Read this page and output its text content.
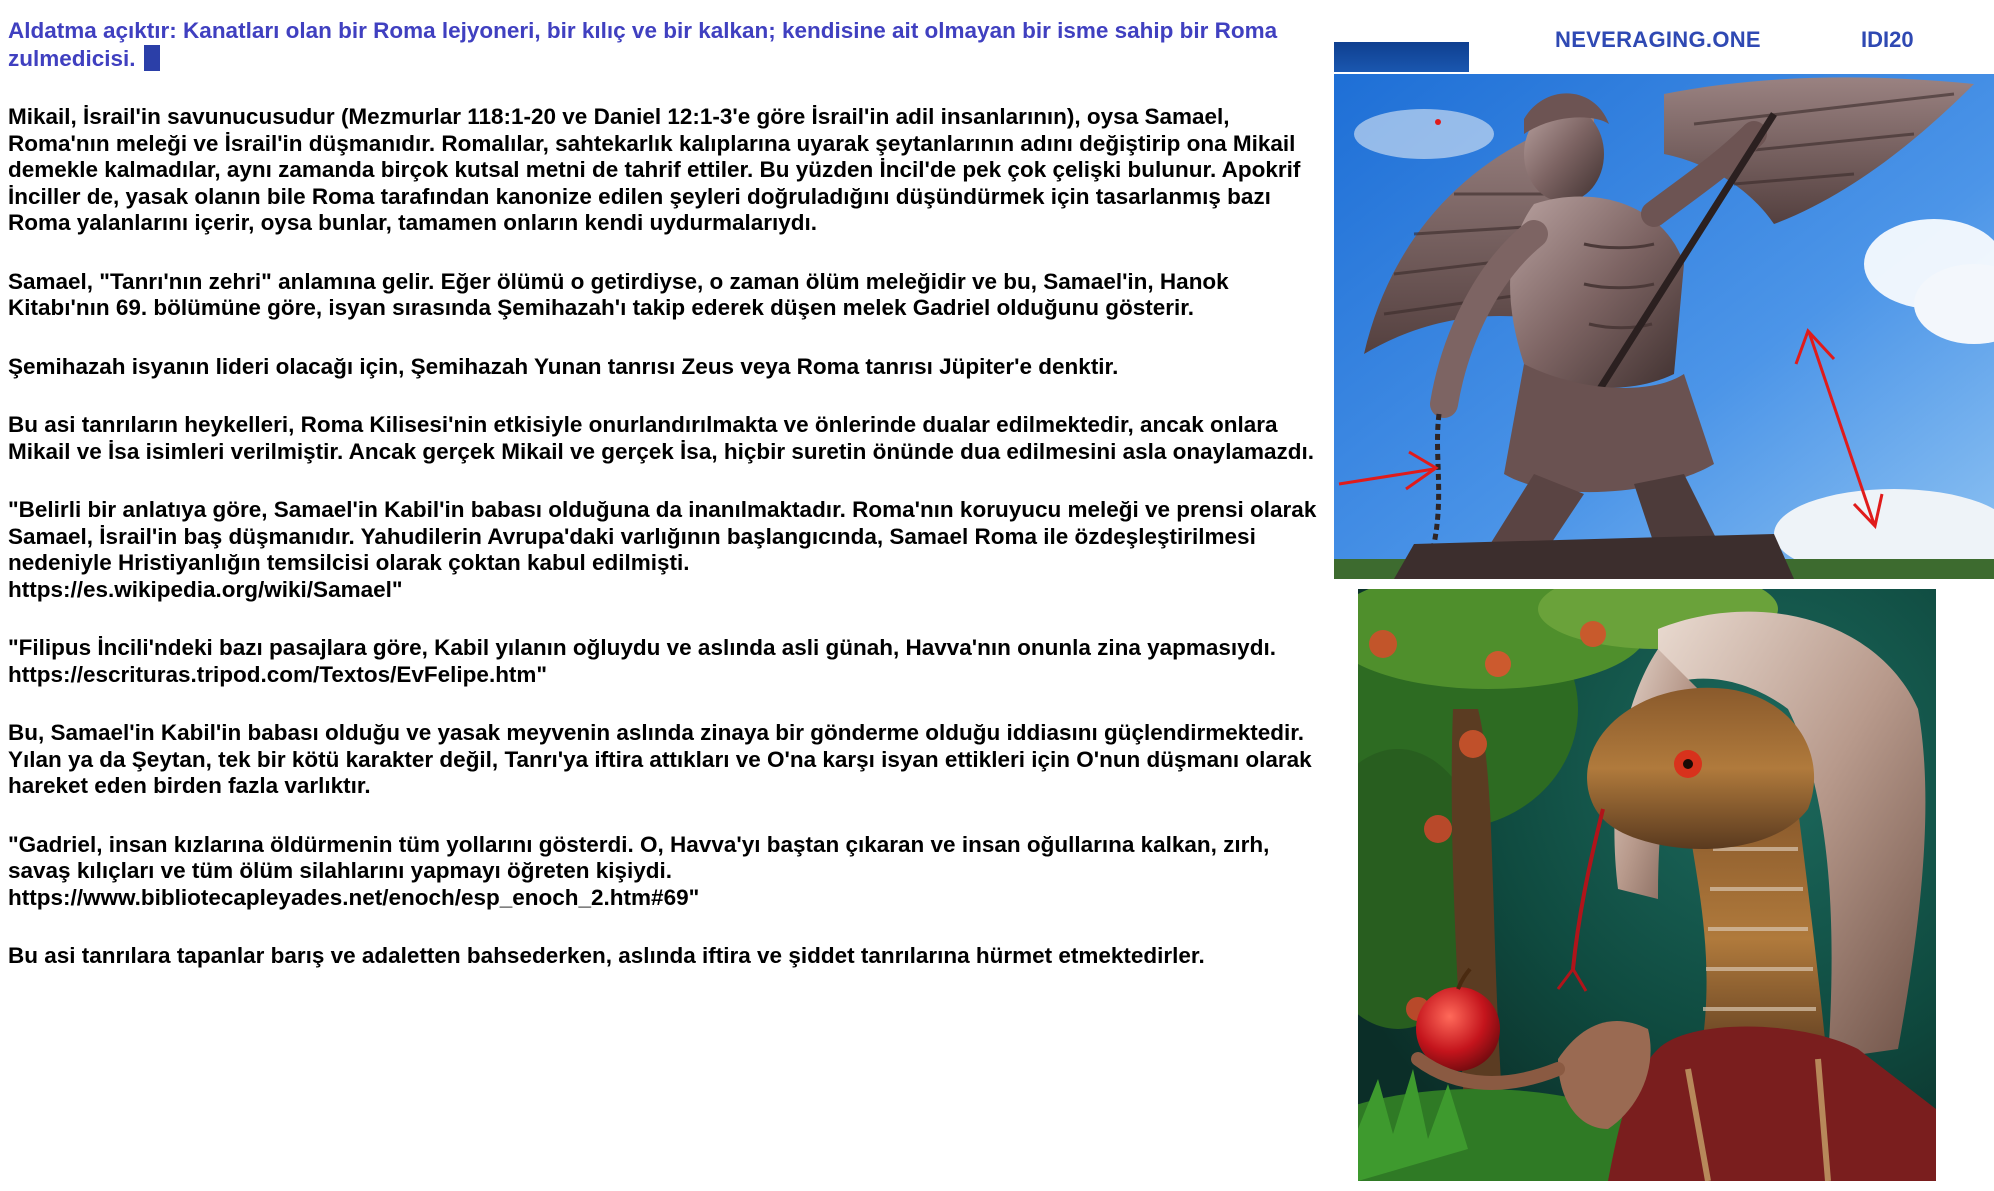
Aldatma açıktır: Kanatları olan bir Roma lejyoneri, bir kılıç ve bir kalkan; kendisine ait olmayan bir isme sahip bir Roma zulmedicisi.
Mikail, İsrail'in savunucusudur (Mezmurlar 118:1-20 ve Daniel 12:1-3'e göre İsrail'in adil insanlarının), oysa Samael, Roma'nın meleği ve İsrail'in düşmanıdır. Romalılar, sahtekarlık kalıplarına uyarak şeytanlarının adını değiştirip ona Mikail demekle kalmadılar, aynı zamanda birçok kutsal metni de tahrif ettiler. Bu yüzden İncil'de pek çok çelişki bulunur. Apokrif İnciller de, yasak olanın bile Roma tarafından kanonize edilen şeyleri doğruladığını düşündürmek için tasarlanmış bazı Roma yalanlarını içerir, oysa bunlar, tamamen onların kendi uydurmalarıydı.
Samael, "Tanrı'nın zehri" anlamına gelir. Eğer ölümü o getirdiyse, o zaman ölüm meleğidir ve bu, Samael'in, Hanok Kitabı'nın 69. bölümüne göre, isyan sırasında Şemihazah'ı takip ederek düşen melek Gadriel olduğunu gösterir.
Şemihazah isyanın lideri olacağı için, Şemihazah Yunan tanrısı Zeus veya Roma tanrısı Jüpiter'e denktir.
Bu asi tanrıların heykelleri, Roma Kilisesi'nin etkisiyle onurlandırılmakta ve önlerinde dualar edilmektedir, ancak onlara Mikail ve İsa isimleri verilmiştir. Ancak gerçek Mikail ve gerçek İsa, hiçbir suretin önünde dua edilmesini asla onaylamazdı.
"Belirli bir anlatıya göre, Samael'in Kabil'in babası olduğuna da inanılmaktadır. Roma'nın koruyucu meleği ve prensi olarak Samael, İsrail'in baş düşmanıdır. Yahudilerin Avrupa'daki varlığının başlangıcında, Samael Roma ile özdeşleştirilmesi nedeniyle Hristiyanlığın temsilcisi olarak çoktan kabul edilmişti.
https://es.wikipedia.org/wiki/Samael"
"Filipus İncili'ndeki bazı pasajlara göre, Kabil yılanın oğluydu ve aslında asli günah, Havva'nın onunla zina yapmasıydı.
https://escrituras.tripod.com/Textos/EvFelipe.htm"
Bu, Samael'in Kabil'in babası olduğu ve yasak meyvenin aslında zinaya bir gönderme olduğu iddiasını güçlendirmektedir. Yılan ya da Şeytan, tek bir kötü karakter değil, Tanrı'ya iftira attıkları ve O'na karşı isyan ettikleri için O'nun düşmanı olarak hareket eden birden fazla varlıktır.
"Gadriel, insan kızlarına öldürmenin tüm yollarını gösterdi. O, Havva'yı baştan çıkaran ve insan oğullarına kalkan, zırh, savaş kılıçları ve tüm ölüm silahlarını yapmayı öğreten kişiydi.
https://www.bibliotecapleyades.net/enoch/esp_enoch_2.htm#69"
Bu asi tanrılara tapanlar barış ve adaletten bahsederken, aslında iftira ve şiddet tanrılarına hürmet etmektedirler.
NEVERAGING.ONE	IDI20
